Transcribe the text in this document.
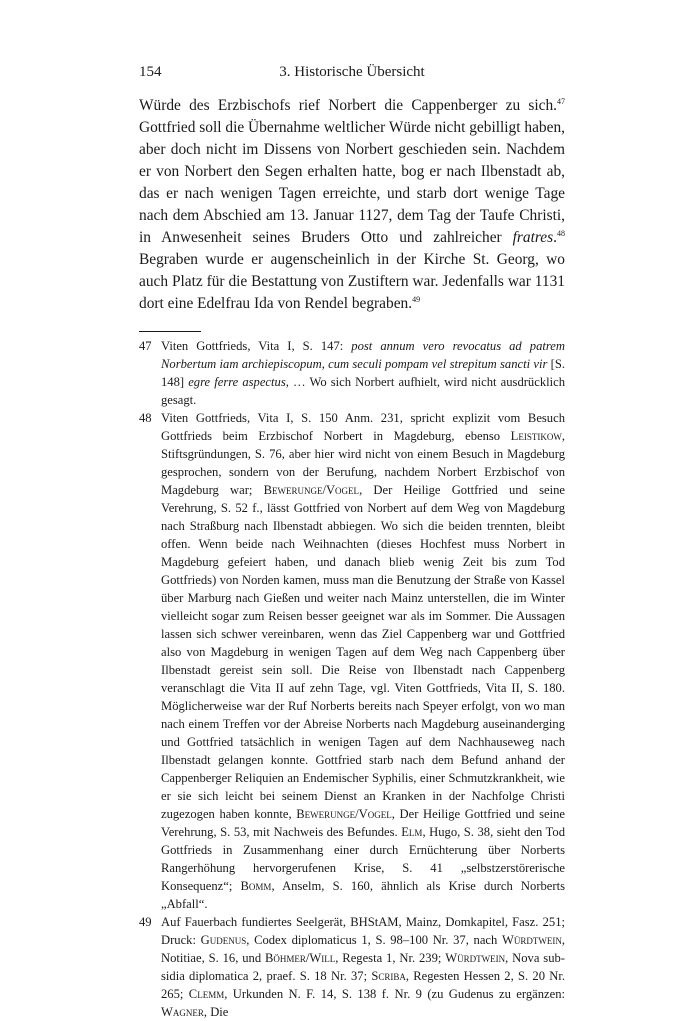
154	3. Historische Übersicht

Würde des Erzbischofs rief Norbert die Cappenberger zu sich.$^{47}$ Gottfried soll die Übernahme weltlicher Würde nicht gebilligt haben, aber doch nicht im Dissens von Norbert geschieden sein. Nachdem er von Norbert den Segen erhalten hatte, bog er nach Ilbenstadt ab, das er nach wenigen Tagen erreichte, und starb dort wenige Tage nach dem Abschied am 13. Januar 1127, dem Tag der Taufe Christi, in Anwesenheit seines Bruders Otto und zahlreicher fratres.$^{48}$ Begraben wurde er augenscheinlich in der Kirche St. Georg, wo auch Platz für die Bestattung von Zustiftern war. Jedenfalls war 1131 dort eine Edelfrau Ida von Rendel begraben.$^{49}$

47 Viten Gottfrieds, Vita I, S. 147: post annum vero revocatus ad patrem Norbertum iam archiepiscopum, cum seculi pompam vel strepitum sancti vir [S. 148] egre ferre aspectus, … Wo sich Norbert aufhielt, wird nicht ausdrücklich gesagt.
48 Viten Gottfrieds, Vita I, S. 150 Anm. 231, spricht explizit vom Besuch Gottfrieds beim Erzbischof Norbert in Magdeburg, ebenso Leistikow, Stiftsgründungen, S. 76, aber hier wird nicht von einem Besuch in Magdeburg gesprochen, sondern von der Berufung, nachdem Norbert Erzbischof von Magdeburg war; Bewerunge/Vogel, Der Heilige Gottfried und seine Verehrung, S. 52 f., lässt Gottfried von Norbert auf dem Weg von Magdeburg nach Straßburg nach Ilbenstadt abbiegen. Wo sich die beiden trennten, bleibt offen. Wenn beide nach Weihnachten (dieses Hochfest muss Norbert in Magdeburg gefeiert haben, und danach blieb wenig Zeit bis zum Tod Gottfrieds) von Norden kamen, muss man die Benutzung der Straße von Kassel über Marburg nach Gießen und weiter nach Mainz unterstellen, die im Winter vielleicht sogar zum Reisen besser geeignet war als im Sommer. Die Aussagen lassen sich schwer vereinbaren, wenn das Ziel Cappenberg war und Gottfried also von Magdeburg in wenigen Tagen auf dem Weg nach Cappenberg über Ilbenstadt gereist sein soll. Die Reise von Ilbenstadt nach Cappenberg veranschlagt die Vita II auf zehn Tage, vgl. Viten Gottfrieds, Vita II, S. 180. Möglicherweise war der Ruf Norberts bereits nach Speyer erfolgt, von wo man nach einem Treffen vor der Abreise Norberts nach Magdeburg auseinanderging und Gottfried tatsächlich in wenigen Tagen auf dem Nachhauseweg nach Ilbenstadt gelangen konnte. Gottfried starb nach dem Befund anhand der Cappenberger Reliquien an Endemischer Syphilis, einer Schmutzkrankheit, wie er sie sich leicht bei seinem Dienst an Kranken in der Nachfolge Christi zugezogen haben konnte, Bewerunge/Vogel, Der Heilige Gottfried und seine Verehrung, S. 53, mit Nachweis des Befundes. Elm, Hugo, S. 38, sieht den Tod Gottfrieds in Zusammenhang einer durch Ernüchterung über Norberts Rangerhöhung hervorgerufenen Krise, S. 41 „selbstzerstörerische Konsequenz“; Bomm, Anselm, S. 160, ähnlich als Krise durch Norberts „Abfall“.
49 Auf Fauerbach fundiertes Seelgerät, BHStAM, Mainz, Domkapitel, Fasz. 251; Druck: Gudenus, Codex diplomaticus 1, S. 98–100 Nr. 37, nach Würdtwein, Notitiae, S. 16, und Böhmer/Will, Regesta 1, Nr. 239; Würdtwein, Nova subsidia diplomatica 2, praef. S. 18 Nr. 37; Scriba, Regesten Hessen 2, S. 20 Nr. 265; Clemm, Urkunden N. F. 14, S. 138 f. Nr. 9 (zu Gudenus zu ergänzen: Wagner, Die
